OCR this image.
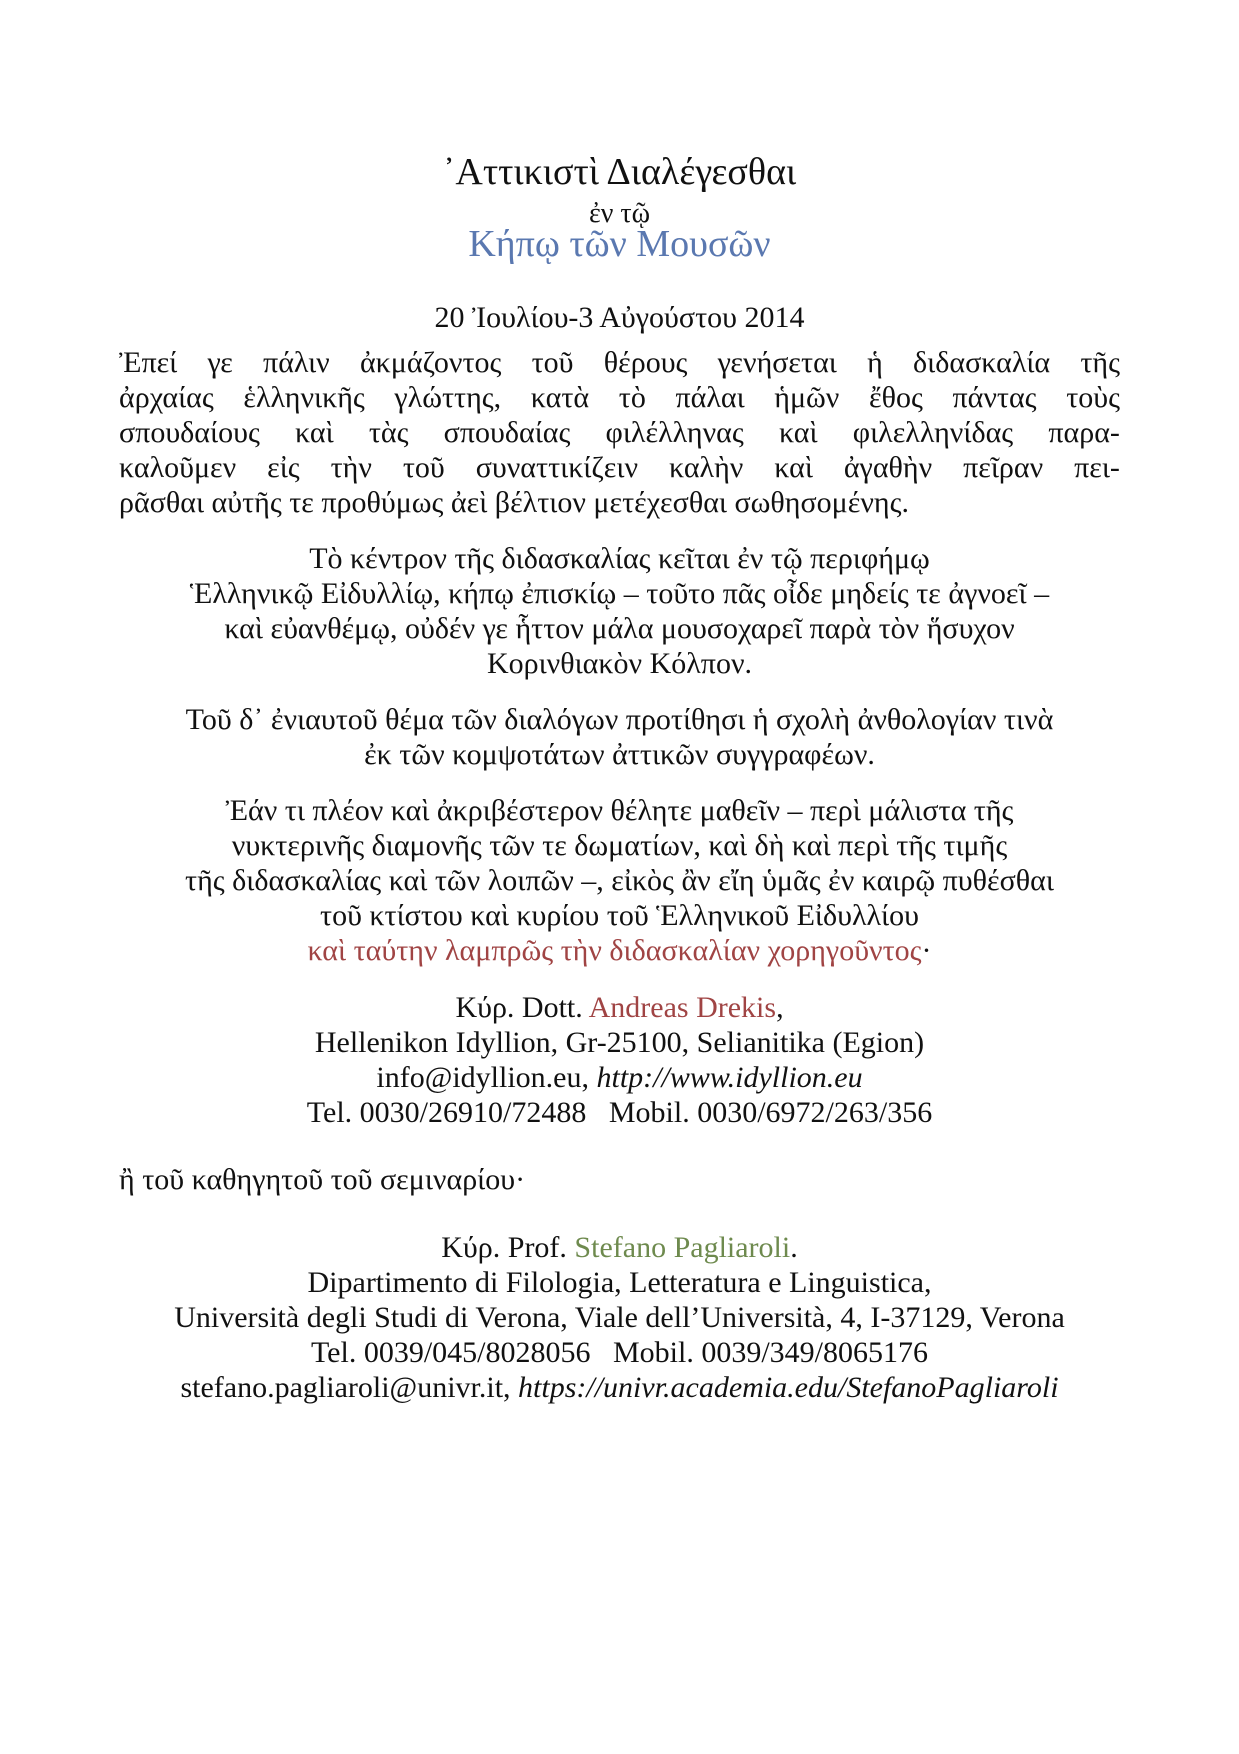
᾿Αττικιστὶ Διαλέγεσθαι
ἐν τῷ
Κήπῳ τῶν Μουσῶν
20 Ἰουλίου-3 Αὐγούστου 2014
Ἐπεί γε πάλιν ἀκμάζοντος τοῦ θέρους γενήσεται ἡ διδασκαλία τῆς
ἀρχαίας ἑλληνικῆς γλώττης, κατὰ τὸ πάλαι ἡμῶν ἔθος πάντας τοὺς
σπουδαίους καὶ τὰς σπουδαίας φιλέλληνας καὶ φιλελληνίδας παρα-
καλοῦμεν εἰς τὴν τοῦ συναττικίζειν καλὴν καὶ ἀγαθὴν πεῖραν πει-
ρᾶσθαι αὐτῆς τε προθύμως ἀεὶ βέλτιον μετέχεσθαι σωθησομένης.
Τὸ κέντρον τῆς διδασκαλίας κεῖται ἐν τῷ περιφήμῳ
Ἑλληνικῷ Εἰδυλλίῳ, κήπῳ ἐπισκίῳ – τοῦτο πᾶς οἶδε μηδείς τε ἀγνοεῖ –
καὶ εὐανθέμῳ, οὐδέν γε ἧττον μάλα μουσοχαρεῖ παρὰ τὸν ἥσυχον
Κορινθιακὸν Κόλπον.
Τοῦ δ᾽ ἐνιαυτοῦ θέμα τῶν διαλόγων προτίθησι ἡ σχολὴ ἀνθολογίαν τινὰ
ἐκ τῶν κομψοτάτων ἀττικῶν συγγραφέων.
Ἐάν τι πλέον καὶ ἀκριβέστερον θέλητε μαθεῖν – περὶ μάλιστα τῆς
νυκτερινῆς διαμονῆς τῶν τε δωματίων, καὶ δὴ καὶ περὶ τῆς τιμῆς
τῆς διδασκαλίας καὶ τῶν λοιπῶν –, εἰκὸς ἂν εἴη ὑμᾶς ἐν καιρῷ πυθέσθαι
τοῦ κτίστου καὶ κυρίου τοῦ Ἑλληνικοῦ Εἰδυλλίου
καὶ ταύτην λαμπρῶς τὴν διδασκαλίαν χορηγοῦντος·
Κύρ. Dott. Andreas Drekis,
Hellenikon Idyllion, Gr-25100, Selianitika (Egion)
info@idyllion.eu, http://www.idyllion.eu
Tel. 0030/26910/72488   Mobil. 0030/6972/263/356
ἢ τοῦ καθηγητοῦ τοῦ σεμιναρίου·
Κύρ. Prof. Stefano Pagliaroli.
Dipartimento di Filologia, Letteratura e Linguistica,
Università degli Studi di Verona, Viale dell’Università, 4, I-37129, Verona
Tel. 0039/045/8028056   Mobil. 0039/349/8065176
stefano.pagliaroli@univr.it, https://univr.academia.edu/StefanoPagliaroli
